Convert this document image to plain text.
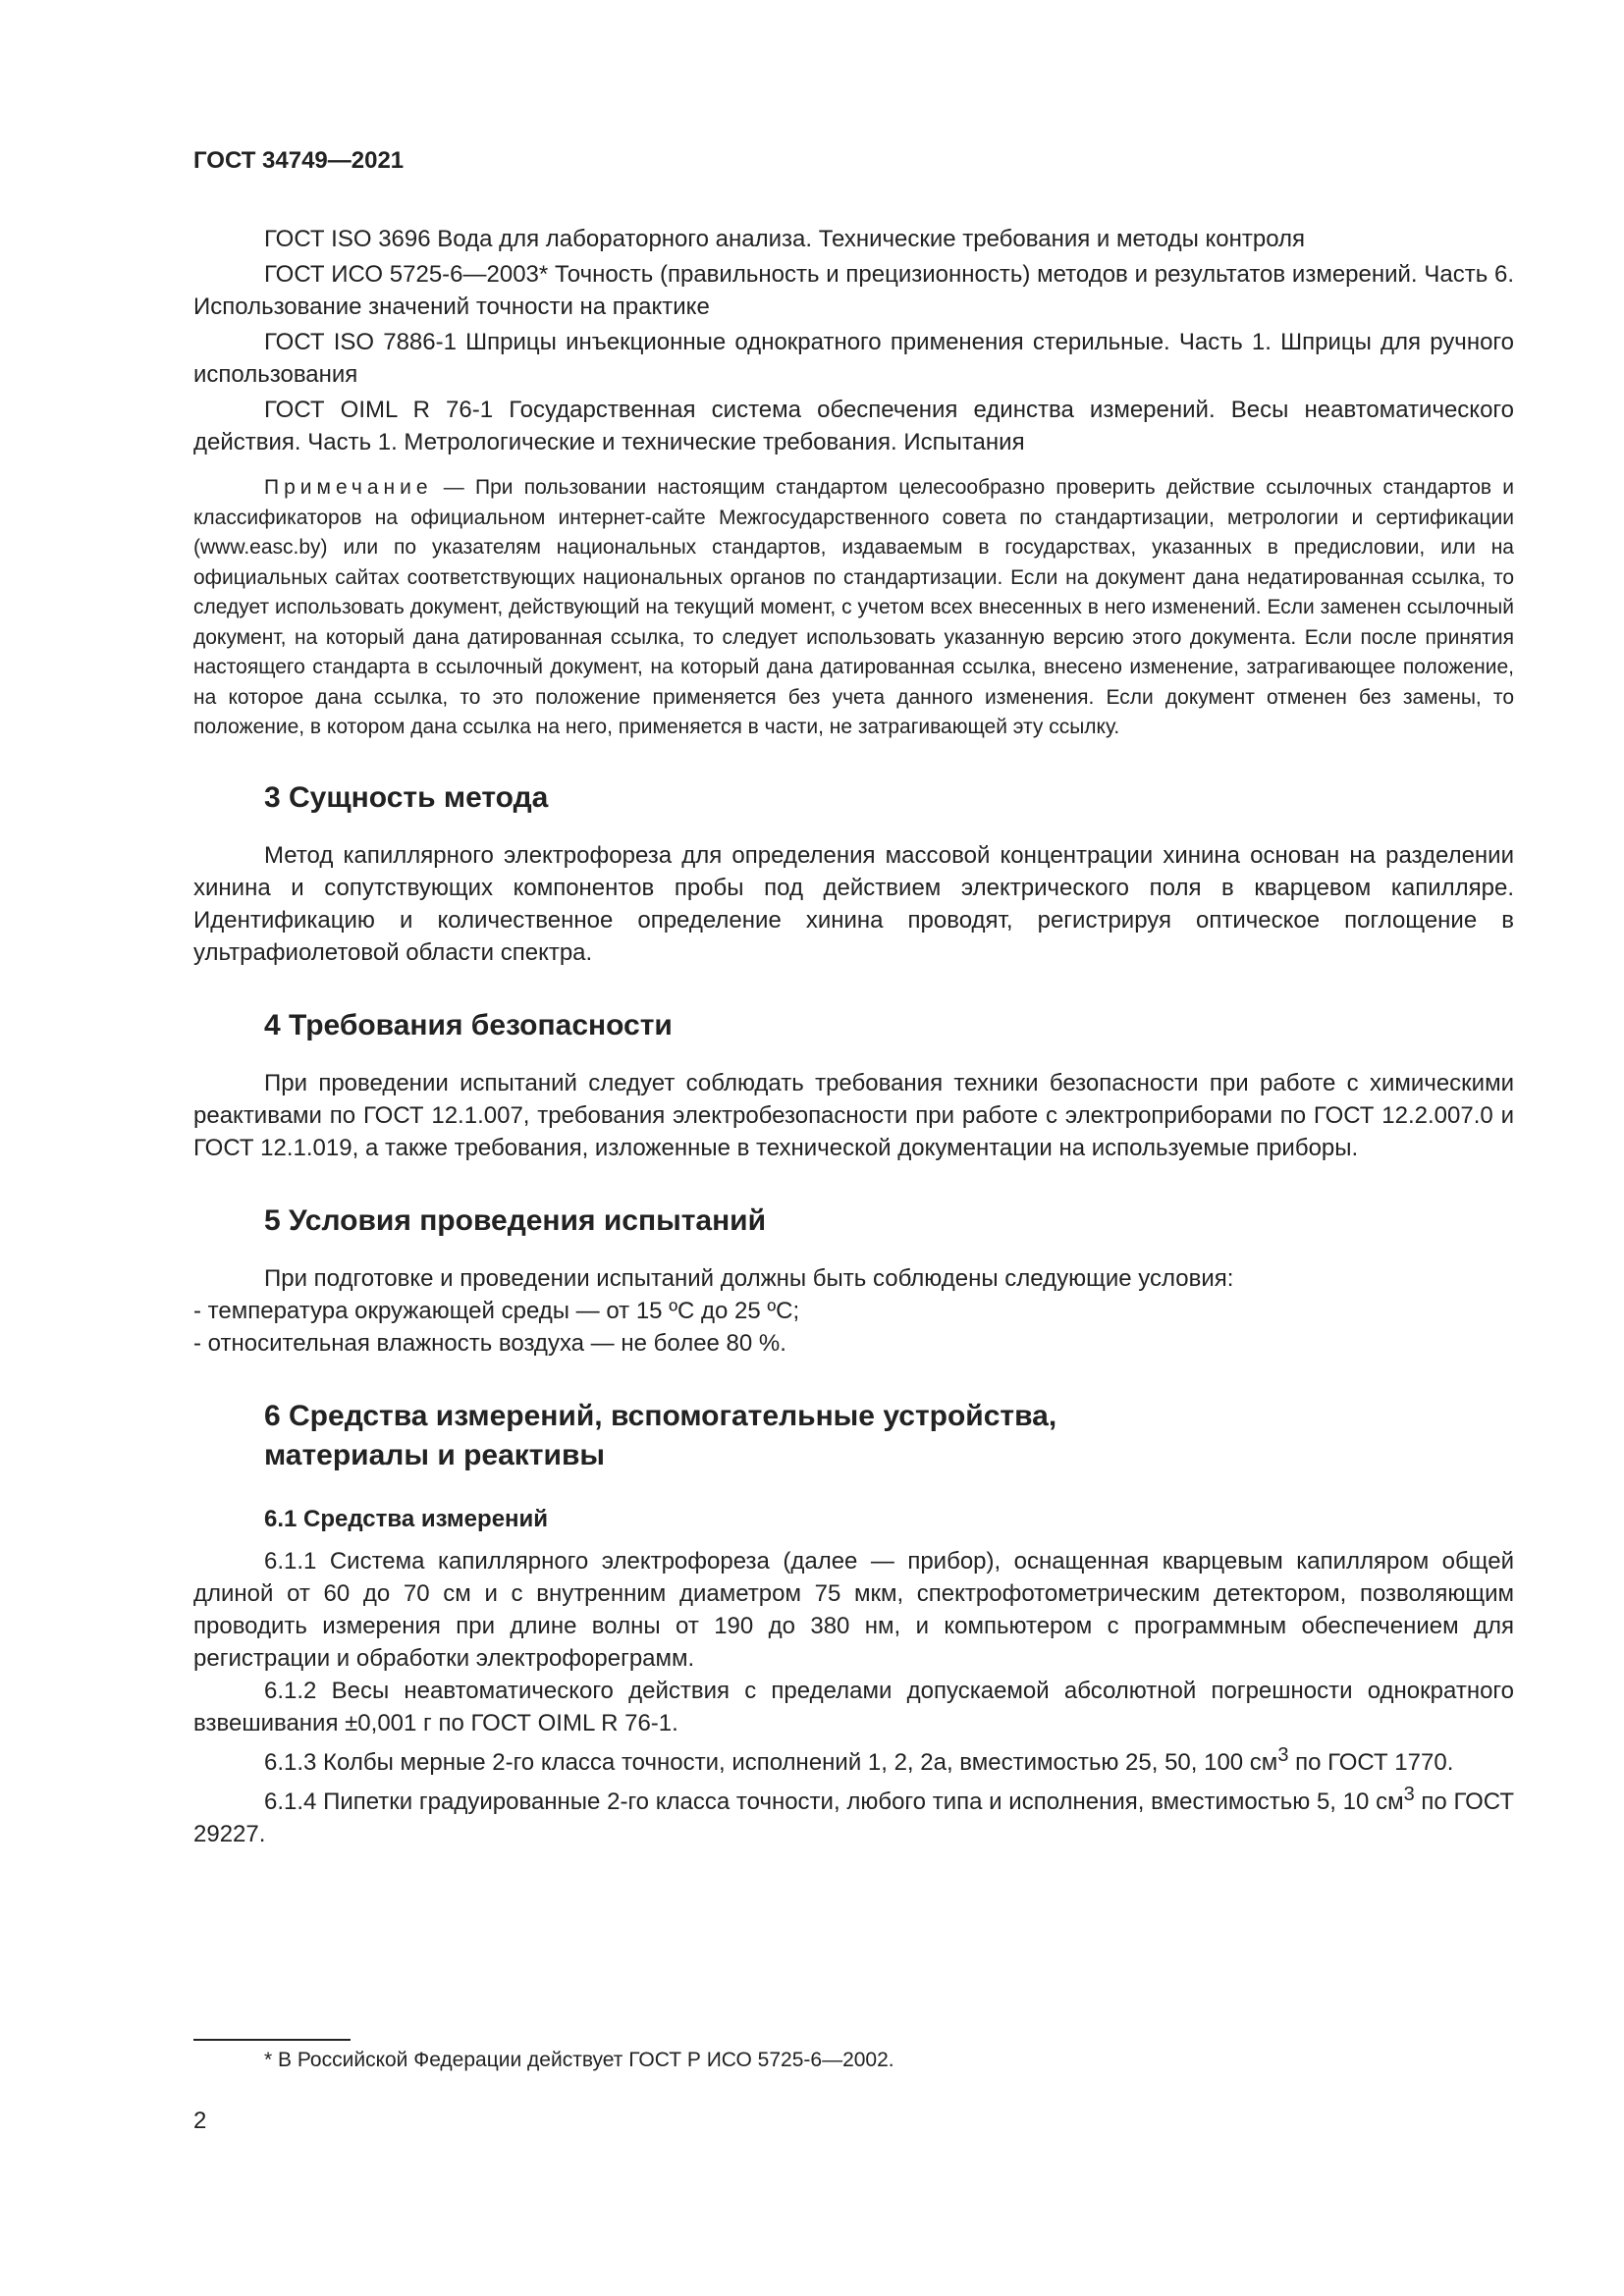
ГОСТ 34749—2021

ГОСТ ISO 3696 Вода для лабораторного анализа. Технические требования и методы контроля

ГОСТ ИСО 5725-6—2003* Точность (правильность и прецизионность) методов и результатов измерений. Часть 6. Использование значений точности на практике

ГОСТ ISO 7886-1 Шприцы инъекционные однократного применения стерильные. Часть 1. Шприцы для ручного использования

ГОСТ OIML R 76-1 Государственная система обеспечения единства измерений. Весы неавтоматического действия. Часть 1. Метрологические и технические требования. Испытания

Примечание — При пользовании настоящим стандартом целесообразно проверить действие ссылочных стандартов и классификаторов на официальном интернет-сайте Межгосударственного совета по стандартизации, метрологии и сертификации (www.easc.by) или по указателям национальных стандартов, издаваемым в государствах, указанных в предисловии, или на официальных сайтах соответствующих национальных органов по стандартизации. Если на документ дана недатированная ссылка, то следует использовать документ, действующий на текущий момент, с учетом всех внесенных в него изменений. Если заменен ссылочный документ, на который дана датированная ссылка, то следует использовать указанную версию этого документа. Если после принятия настоящего стандарта в ссылочный документ, на который дана датированная ссылка, внесено изменение, затрагивающее положение, на которое дана ссылка, то это положение применяется без учета данного изменения. Если документ отменен без замены, то положение, в котором дана ссылка на него, применяется в части, не затрагивающей эту ссылку.

3 Сущность метода

Метод капиллярного электрофореза для определения массовой концентрации хинина основан на разделении хинина и сопутствующих компонентов пробы под действием электрического поля в кварцевом капилляре. Идентификацию и количественное определение хинина проводят, регистрируя оптическое поглощение в ультрафиолетовой области спектра.

4 Требования безопасности

При проведении испытаний следует соблюдать требования техники безопасности при работе с химическими реактивами по ГОСТ 12.1.007, требования электробезопасности при работе с электроприборами по ГОСТ 12.2.007.0 и ГОСТ 12.1.019, а также требования, изложенные в технической документации на используемые приборы.

5 Условия проведения испытаний

При подготовке и проведении испытаний должны быть соблюдены следующие условия:

- температура окружающей среды — от 15 ºС до 25 ºС;

- относительная влажность воздуха — не более 80 %.

6 Средства измерений, вспомогательные устройства,
материалы и реактивы
6.1 Средства измерений

6.1.1 Система капиллярного электрофореза (далее — прибор), оснащенная кварцевым капилляром общей длиной от 60 до 70 см и с внутренним диаметром 75 мкм, спектрофотометрическим детектором, позволяющим проводить измерения при длине волны от 190 до 380 нм, и компьютером с программным обеспечением для регистрации и обработки электрофореграмм.

6.1.2 Весы неавтоматического действия с пределами допускаемой абсолютной погрешности однократного взвешивания ±0,001 г по ГОСТ OIML R 76-1.

6.1.3 Колбы мерные 2-го класса точности, исполнений 1, 2, 2а, вместимостью 25, 50, 100 $см^3$ по ГОСТ 1770.

6.1.4 Пипетки градуированные 2-го класса точности, любого типа и исполнения, вместимостью 5, 10 $см^3$ по ГОСТ 29227.

* В Российской Федерации действует ГОСТ Р ИСО 5725-6—2002.
2
